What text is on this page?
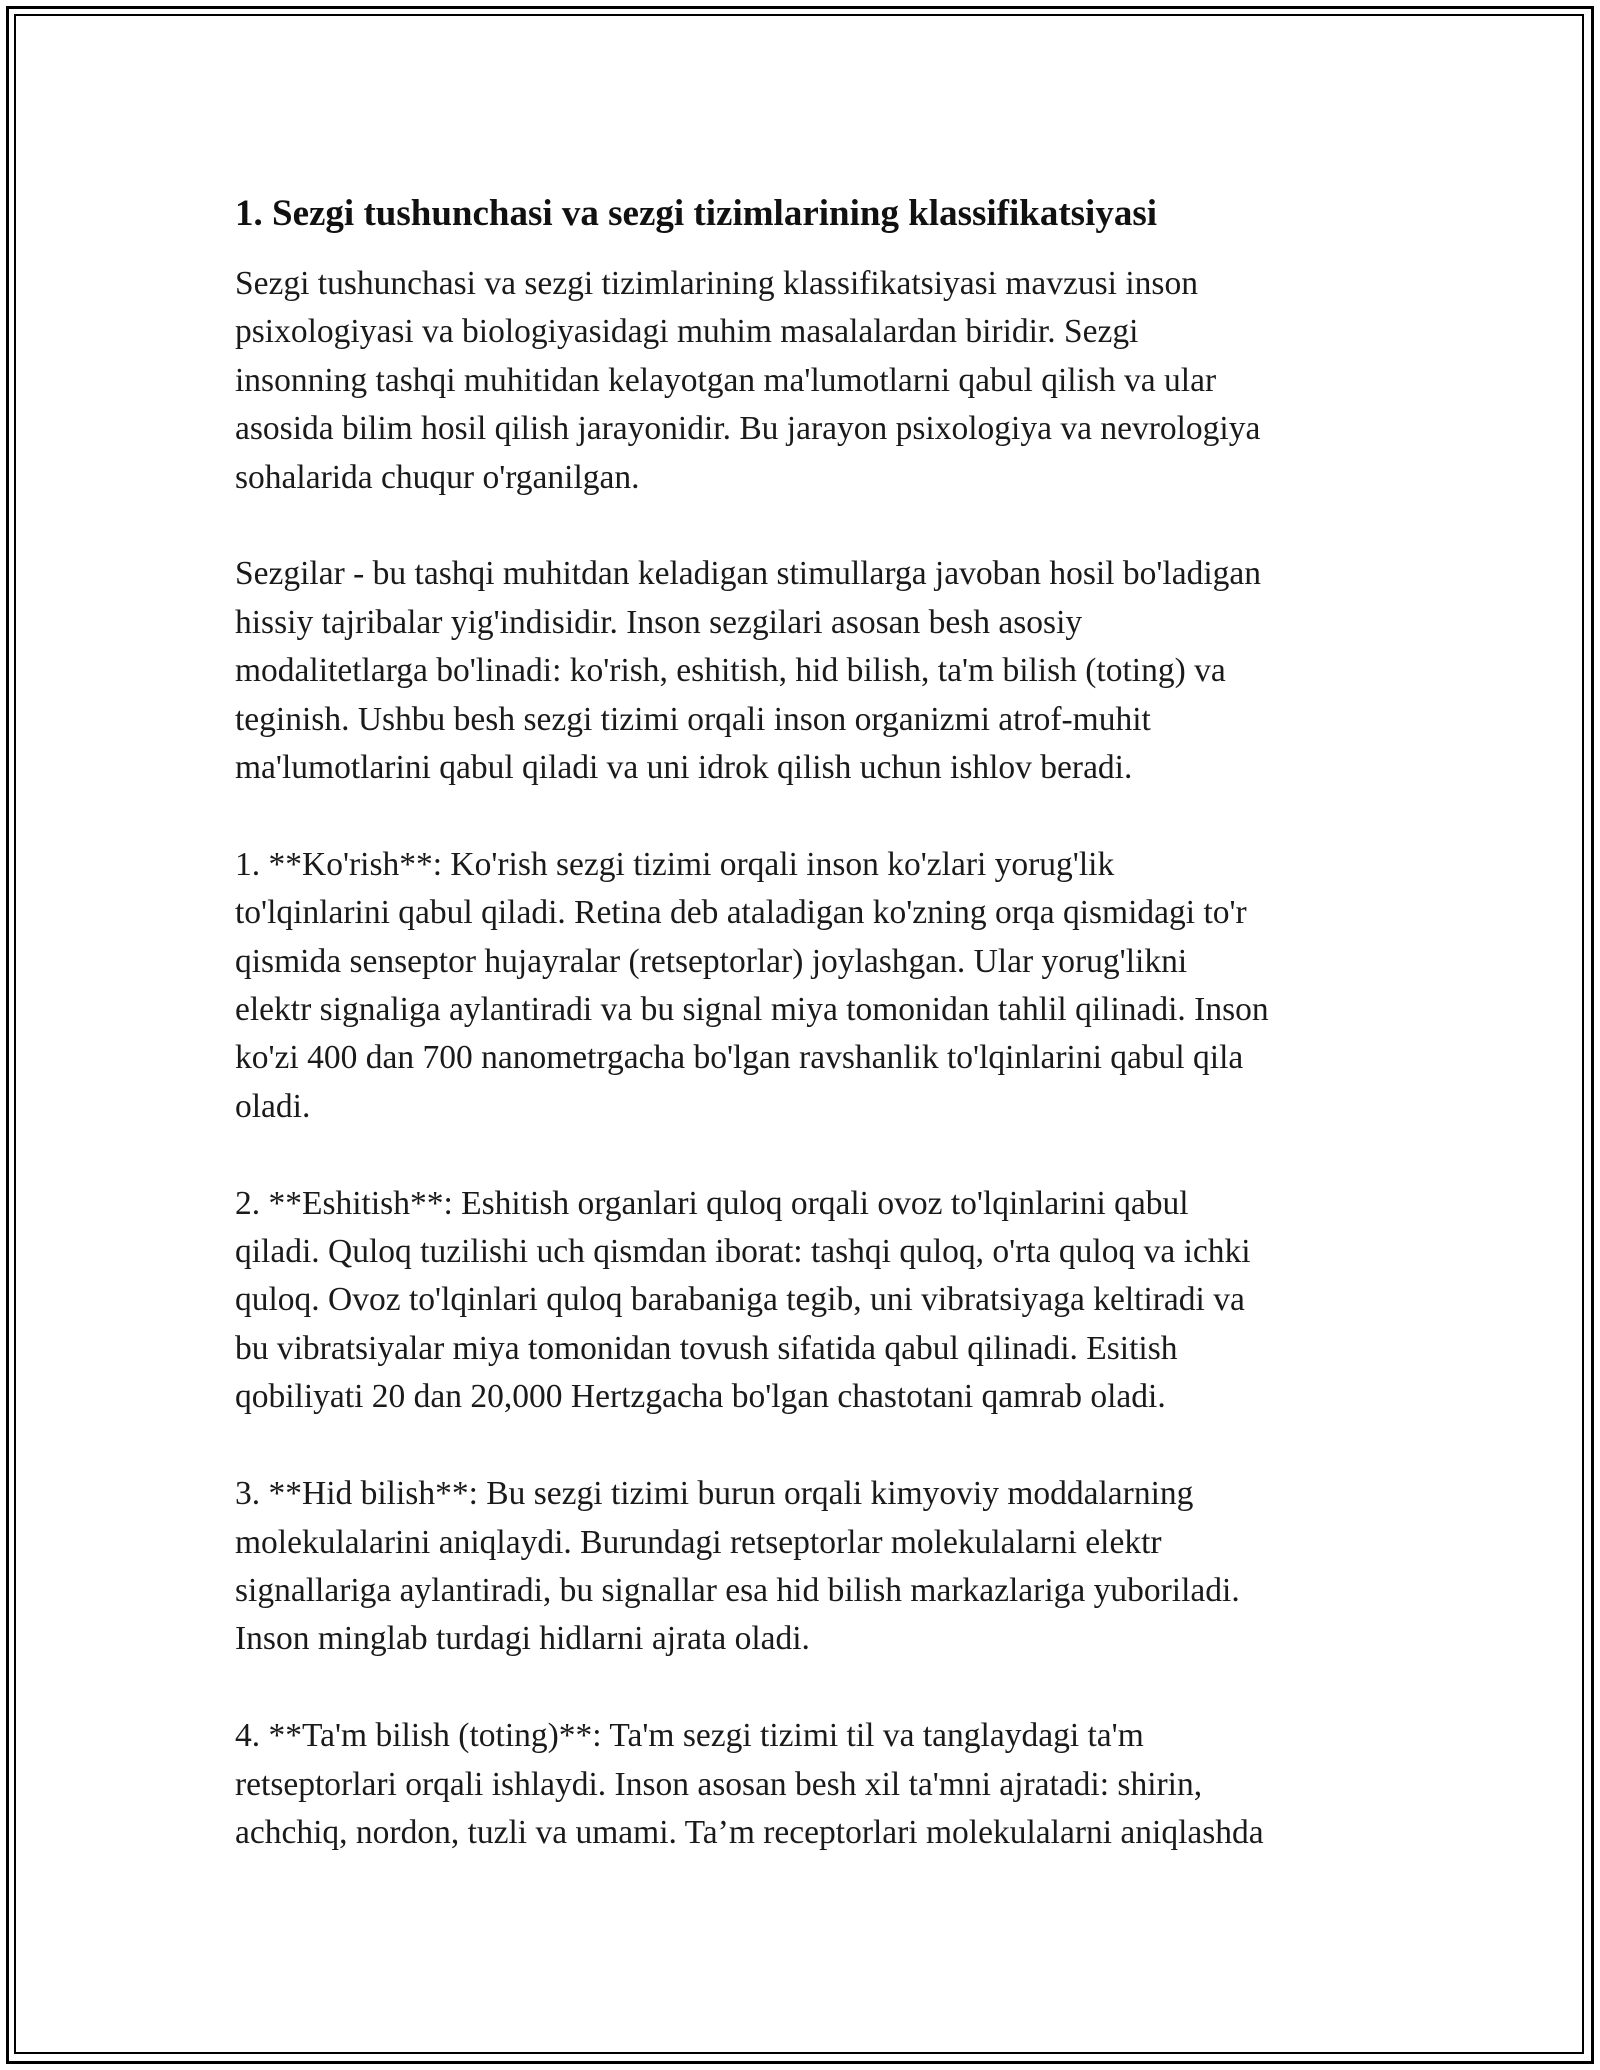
1. Sezgi tushunchasi va sezgi tizimlarining klassifikatsiyasi

Sezgi tushunchasi va sezgi tizimlarining klassifikatsiyasi mavzusi inson
psixologiyasi va biologiyasidagi muhim masalalardan biridir. Sezgi
insonning tashqi muhitidan kelayotgan ma'lumotlarni qabul qilish va ular
asosida bilim hosil qilish jarayonidir. Bu jarayon psixologiya va nevrologiya
sohalarida chuqur o'rganilgan.

Sezgilar - bu tashqi muhitdan keladigan stimullarga javoban hosil bo'ladigan
hissiy tajribalar yig'indisidir. Inson sezgilari asosan besh asosiy
modalitetlarga bo'linadi: ko'rish, eshitish, hid bilish, ta'm bilish (toting) va
teginish. Ushbu besh sezgi tizimi orqali inson organizmi atrof-muhit
ma'lumotlarini qabul qiladi va uni idrok qilish uchun ishlov beradi.

1. **Ko'rish**: Ko'rish sezgi tizimi orqali inson ko'zlari yorug'lik
to'lqinlarini qabul qiladi. Retina deb ataladigan ko'zning orqa qismidagi to'r
qismida senseptor hujayralar (retseptorlar) joylashgan. Ular yorug'likni
elektr signaliga aylantiradi va bu signal miya tomonidan tahlil qilinadi. Inson
ko'zi 400 dan 700 nanometrgacha bo'lgan ravshanlik to'lqinlarini qabul qila
oladi.

2. **Eshitish**: Eshitish organlari quloq orqali ovoz to'lqinlarini qabul
qiladi. Quloq tuzilishi uch qismdan iborat: tashqi quloq, o'rta quloq va ichki
quloq. Ovoz to'lqinlari quloq barabaniga tegib, uni vibratsiyaga keltiradi va
bu vibratsiyalar miya tomonidan tovush sifatida qabul qilinadi. Esitish
qobiliyati 20 dan 20,000 Hertzgacha bo'lgan chastotani qamrab oladi.

3. **Hid bilish**: Bu sezgi tizimi burun orqali kimyoviy moddalarning
molekulalarini aniqlaydi. Burundagi retseptorlar molekulalarni elektr
signallariga aylantiradi, bu signallar esa hid bilish markazlariga yuboriladi.
Inson minglab turdagi hidlarni ajrata oladi.

4. **Ta'm bilish (toting)**: Ta'm sezgi tizimi til va tanglaydagi ta'm
retseptorlari orqali ishlaydi. Inson asosan besh xil ta'mni ajratadi: shirin,
achchiq, nordon, tuzli va umami. Ta’m receptorlari molekulalarni aniqlashda
